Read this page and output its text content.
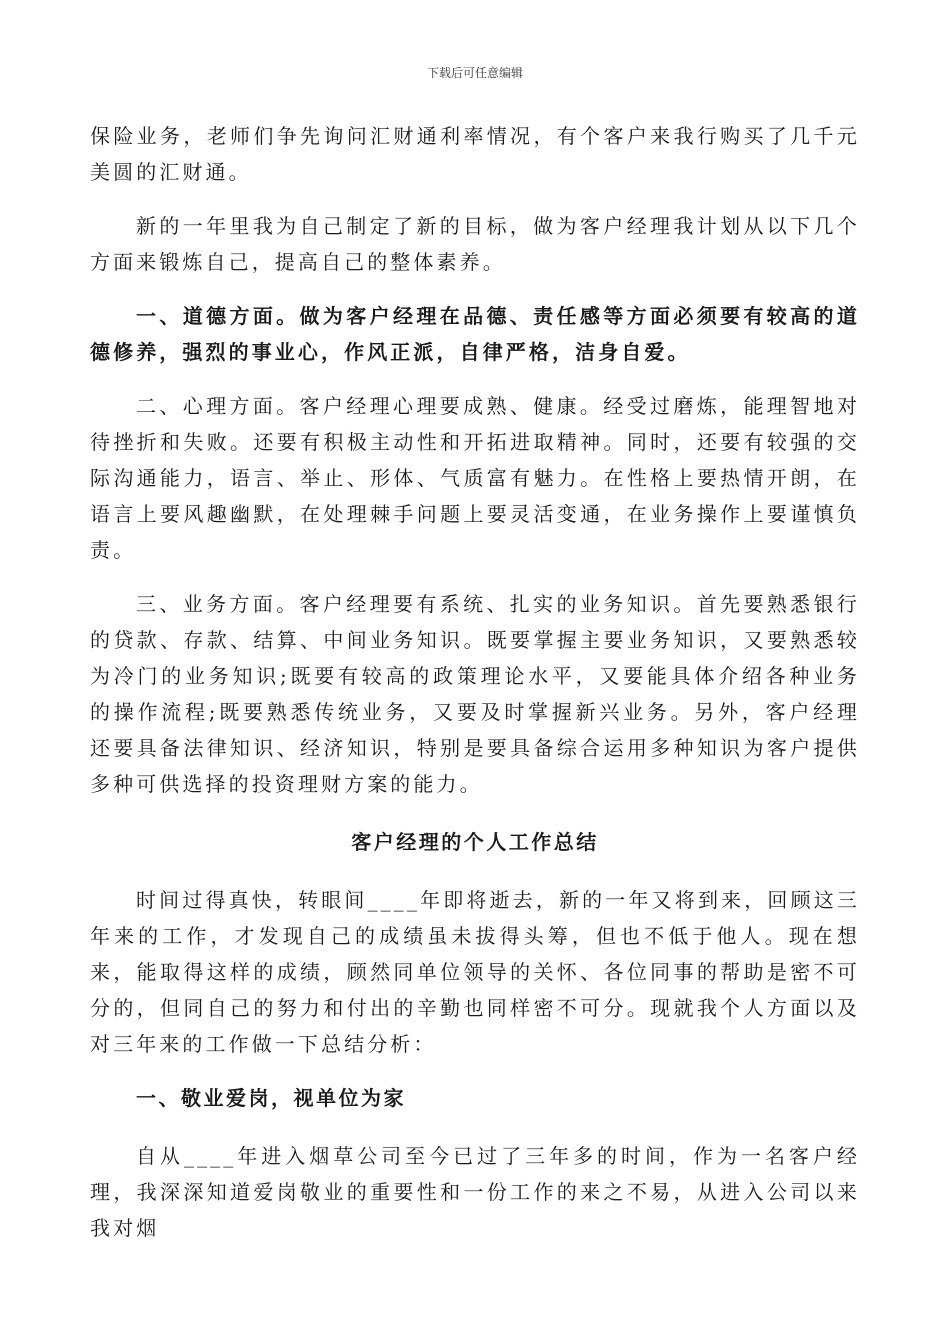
下载后可任意编辑

保险业务，老师们争先询问汇财通利率情况，有个客户来我行购买了几千元美圆的汇财通。

新的一年里我为自己制定了新的目标，做为客户经理我计划从以下几个方面来锻炼自己，提高自己的整体素养。

一、道德方面。做为客户经理在品德、责任感等方面必须要有较高的道德修养，强烈的事业心，作风正派，自律严格，洁身自爱。

二、心理方面。客户经理心理要成熟、健康。经受过磨炼，能理智地对待挫折和失败。还要有积极主动性和开拓进取精神。同时，还要有较强的交际沟通能力，语言、举止、形体、气质富有魅力。在性格上要热情开朗，在语言上要风趣幽默，在处理棘手问题上要灵活变通，在业务操作上要谨慎负责。

三、业务方面。客户经理要有系统、扎实的业务知识。首先要熟悉银行的贷款、存款、结算、中间业务知识。既要掌握主要业务知识，又要熟悉较为冷门的业务知识;既要有较高的政策理论水平，又要能具体介绍各种业务的操作流程;既要熟悉传统业务，又要及时掌握新兴业务。另外，客户经理还要具备法律知识、经济知识，特别是要具备综合运用多种知识为客户提供多种可供选择的投资理财方案的能力。

客户经理的个人工作总结

时间过得真快，转眼间____年即将逝去，新的一年又将到来，回顾这三年来的工作，才发现自己的成绩虽未拔得头筹，但也不低于他人。现在想来，能取得这样的成绩，顾然同单位领导的关怀、各位同事的帮助是密不可分的，但同自己的努力和付出的辛勤也同样密不可分。现就我个人方面以及对三年来的工作做一下总结分析：

一、敬业爱岗，视单位为家

自从____年进入烟草公司至今已过了三年多的时间，作为一名客户经理，我深深知道爱岗敬业的重要性和一份工作的来之不易，从进入公司以来我对烟
